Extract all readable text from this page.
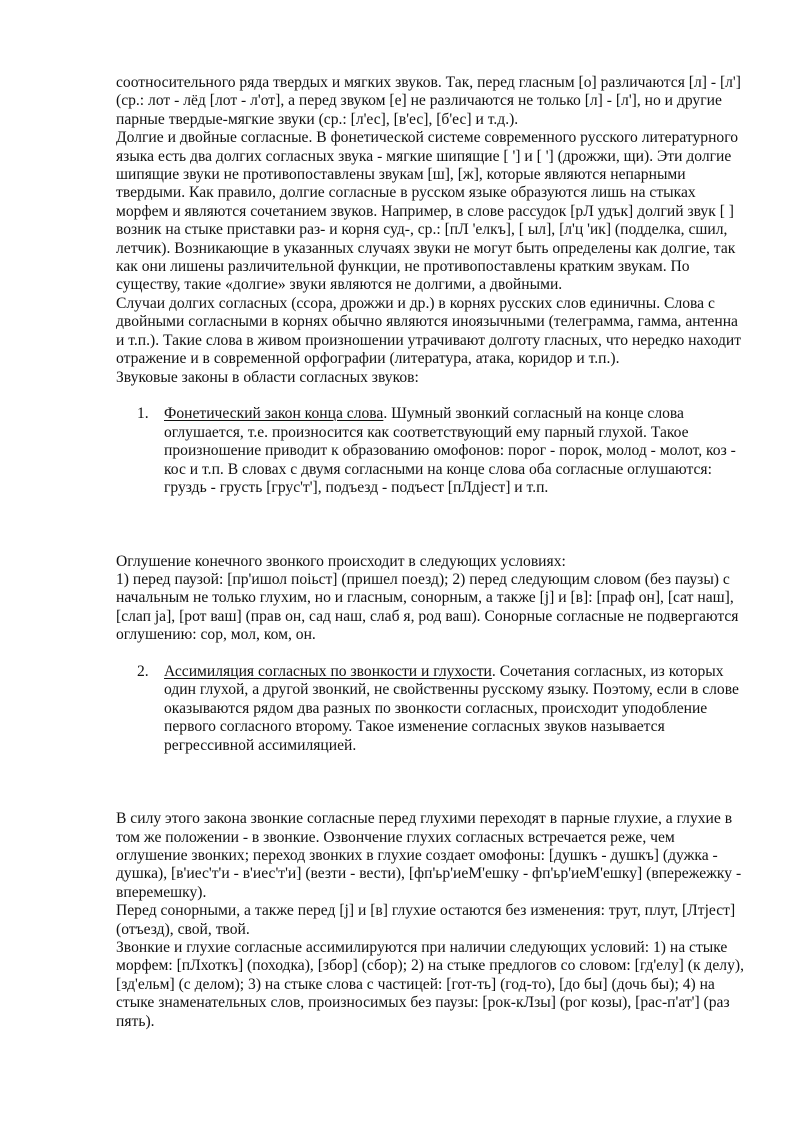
соотносительного ряда твердых и мягких звуков. Так, перед гласным [о] различаются [л] - [л'] (ср.: лот - лёд [лот - л'от], а перед звуком [е] не различаются не только [л] - [л'], но и другие парные твердые-мягкие звуки (ср.: [л'ес], [в'ес], [б'ес] и т.д.).

Долгие и двойные согласные. В фонетической системе современного русского литературного языка есть два долгих согласных звука - мягкие шипящие [ '] и [ '] (дрожжи, щи). Эти долгие шипящие звуки не противопоставлены звукам [ш], [ж], которые являются непарными твердыми. Как правило, долгие согласные в русском языке образуются лишь на стыках морфем и являются сочетанием звуков. Например, в слове рассудок [рЛ удък] долгий звук [ ] возник на стыке приставки раз- и корня суд-, ср.: [пЛ 'елкъ], [ ыл], [л'ц 'ик] (подделка, сшил, летчик). Возникающие в указанных случаях звуки не могут быть определены как долгие, так как они лишены различительной функции, не противопоставлены кратким звукам. По существу, такие «долгие» звуки являются не долгими, а двойными.

Случаи долгих согласных (ссора, дрожжи и др.) в корнях русских слов единичны. Слова с двойными согласными в корнях обычно являются иноязычными (телеграмма, гамма, антенна и т.п.). Такие слова в живом произношении утрачивают долготу гласных, что нередко находит отражение и в современной орфографии (литература, атака, коридор и т.п.).

Звуковые законы в области согласных звуков:

1. Фонетический закон конца слова. Шумный звонкий согласный на конце слова оглушается, т.е. произносится как соответствующий ему парный глухой. Такое произношение приводит к образованию омофонов: порог - порок, молод - молот, коз - кос и т.п. В словах с двумя согласными на конце слова оба согласные оглушаются: груздь - грусть [грус'т'], подъезд - подъест [пЛдјест] и т.п.

Оглушение конечного звонкого происходит в следующих условиях:

1) перед паузой: [пр'ишол поіьст] (пришел поезд); 2) перед следующим словом (без паузы) с начальным не только глухим, но и гласным, сонорным, а также [j] и [в]: [праф он], [сат наш], [слап ја], [рот ваш] (прав он, сад наш, слаб я, род ваш). Сонорные согласные не подвергаются оглушению: сор, мол, ком, он.

2. Ассимиляция согласных по звонкости и глухости. Сочетания согласных, из которых один глухой, а другой звонкий, не свойственны русскому языку. Поэтому, если в слове оказываются рядом два разных по звонкости согласных, происходит уподобление первого согласного второму. Такое изменение согласных звуков называется регрессивной ассимиляцией.

В силу этого закона звонкие согласные перед глухими переходят в парные глухие, а глухие в том же положении - в звонкие. Озвончение глухих согласных встречается реже, чем оглушение звонких; переход звонких в глухие создает омофоны: [душкъ - душкъ] (дужка - душка), [в'иес'т'и - в'иес'т'и] (везти - вести), [фп'ьр'иеМ'ешку - фп'ьр'иеМ'ешку] (впережежку - вперемешку).

Перед сонорными, а также перед [j] и [в] глухие остаются без изменения: трут, плут, [Лтјест] (отъезд), свой, твой.

Звонкие и глухие согласные ассимилируются при наличии следующих условий: 1) на стыке морфем: [пЛхоткъ] (походка), [збор] (сбор); 2) на стыке предлогов со словом: [гд'елу] (к делу), [зд'ельм] (с делом); 3) на стыке слова с частицей: [гот-ть] (год-то), [до бы] (дочь бы); 4) на стыке знаменательных слов, произносимых без паузы: [рок-кЛзы] (рог козы), [рас-п'ат'] (раз пять).
